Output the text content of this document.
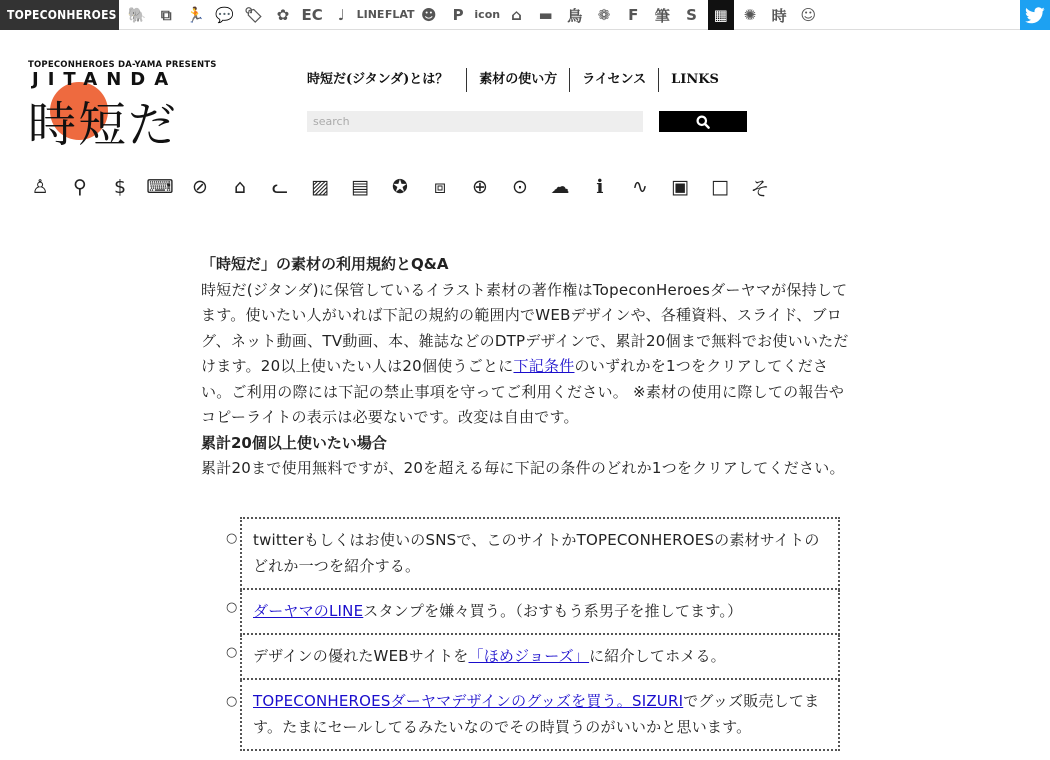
TOPECONHEROES 🐘 ⧉ 🏃 💬 🏷 ✿ EC	♩	LINE FLAT ☻	P icon ⌂	▬ 鳥	❁	F	筆	S	▦	✺	時 ☺
TOPECONHEROES DA-YAMA PRESENTS
JITANDA
時短だ
時短だ(ジタンダ)とは？	素材の使い方	ライセンス	LINKS
search
♙ ⚲	$	⌨ ⊘	⌂	ᓚ ▨ ▤ ✪	⧈	⊕ ⊙ ☁	ℹ	∿ ▣ □ そ
「時短だ」の素材の利用規約とQ&A

時短だ(ジタンダ)に保管しているイラスト素材の著作権はTopeconHeroesダーヤマが保持してます。使いたい人がいれば下記の規約の範囲内でWEBデザインや、各種資料、スライド、ブログ、ネット動画、TV動画、本、雑誌などのDTPデザインで、累計20個まで無料でお使いいただけます。20以上使いたい人は20個使うごとに下記条件のいずれかを1つをクリアしてください。ご利用の際には下記の禁止事項を守ってご利用ください。 ※素材の使用に際しての報告やコピーライトの表示は必要ないです。改変は自由です。

累計20個以上使いたい場合

累計20まで使用無料ですが、20を超える毎に下記の条件のどれか1つをクリアしてください。

○	twitterもしくはお使いのSNSで、このサイトかTOPECONHEROESの素材サイトのどれか一つを紹介する。
○	ダーヤマのLINEスタンプを嫌々買う。（おすもう系男子を推してます。）
○	デザインの優れたWEBサイトを「ほめジョーズ」に紹介してホメる。
○	TOPECONHEROESダーヤマデザインのグッズを買う。SIZURIでグッズ販売してます。たまにセールしてるみたいなのでその時買うのがいいかと思います。
